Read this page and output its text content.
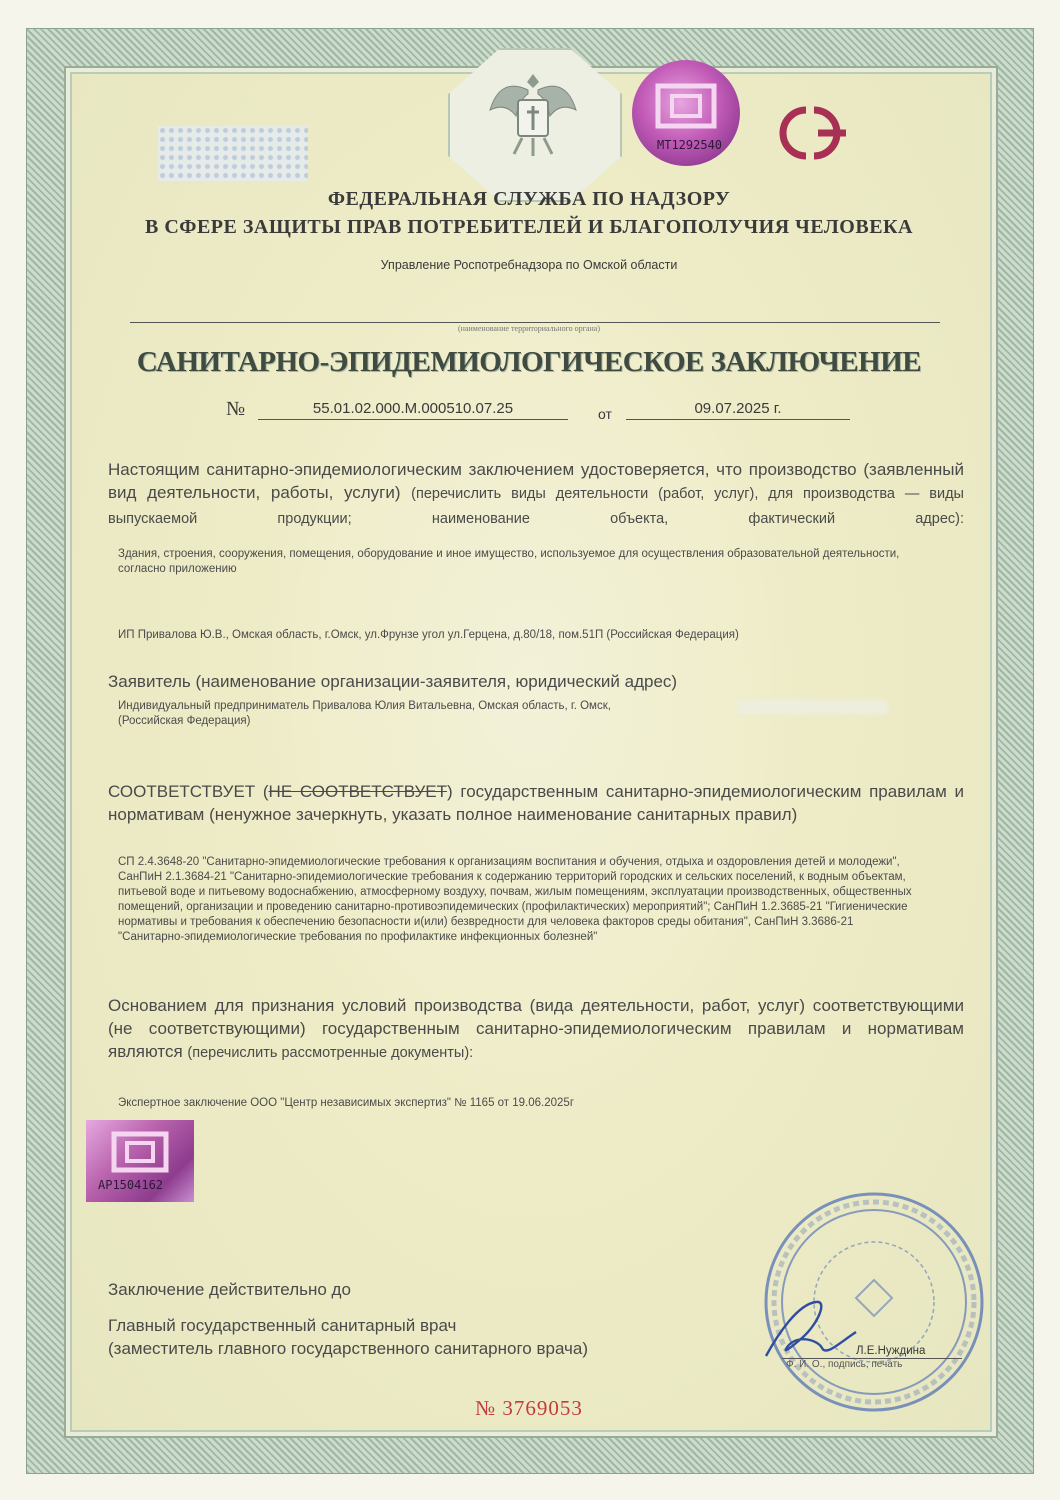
MT1292540
ФЕДЕРАЛЬНАЯ СЛУЖБА ПО НАДЗОРУ
В СФЕРЕ ЗАЩИТЫ ПРАВ ПОТРЕБИТЕЛЕЙ И БЛАГОПОЛУЧИЯ ЧЕЛОВЕКА
Управление Роспотребнадзора по Омской области
(наименование территориального органа)
САНИТАРНО-ЭПИДЕМИОЛОГИЧЕСКОЕ ЗАКЛЮЧЕНИЕ
№	55.01.02.000.М.000510.07.25	от	09.07.2025 г.
Настоящим санитарно-эпидемиологическим заключением удостоверяется, что производство (заявленный вид деятельности, работы, услуги) (перечислить виды деятельности (работ, услуг), для производства — виды выпускаемой продукции; наименование объекта, фактический адрес):
Здания, строения, сооружения, помещения, оборудование и иное имущество, используемое для осуществления образовательной деятельности, согласно приложению
ИП Привалова Ю.В., Омская область, г.Омск, ул.Фрунзе угол ул.Герцена, д.80/18, пом.51П (Российская Федерация)
Заявитель (наименование организации-заявителя, юридический адрес)
Индивидуальный предприниматель Привалова Юлия Витальевна, Омская область, г. Омск,
(Российская Федерация)
СООТВЕТСТВУЕТ (НЕ СООТВЕТСТВУЕТ) государственным санитарно-эпидемиологическим правилам и нормативам (ненужное зачеркнуть, указать полное наименование санитарных правил)
СП 2.4.3648-20 "Санитарно-эпидемиологические требования к организациям воспитания и обучения, отдыха и оздоровления детей и молодежи", СанПиН 2.1.3684-21 "Санитарно-эпидемиологические требования к содержанию территорий городских и сельских поселений, к водным объектам, питьевой воде и питьевому водоснабжению, атмосферному воздуху, почвам, жилым помещениям, эксплуатации производственных, общественных помещений, организации и проведению санитарно-противоэпидемических (профилактических) мероприятий"; СанПиН 1.2.3685-21 "Гигиенические нормативы и требования к обеспечению безопасности и(или) безвредности для человека факторов среды обитания", СанПиН 3.3686-21 "Санитарно-эпидемиологические требования по профилактике инфекционных болезней"
Основанием для признания условий производства (вида деятельности, работ, услуг) соответствующими (не соответствующими) государственным санитарно-эпидемиологическим правилам и нормативам являются (перечислить рассмотренные документы):
Экспертное заключение ООО "Центр независимых экспертиз" № 1165 от 19.06.2025г
AP1504162
Заключение действительно до
Главный государственный санитарный врач
(заместитель главного государственного санитарного врача)	Л.Е.Нуждина
Ф. И. О., подпись, печать
№ 3769053
